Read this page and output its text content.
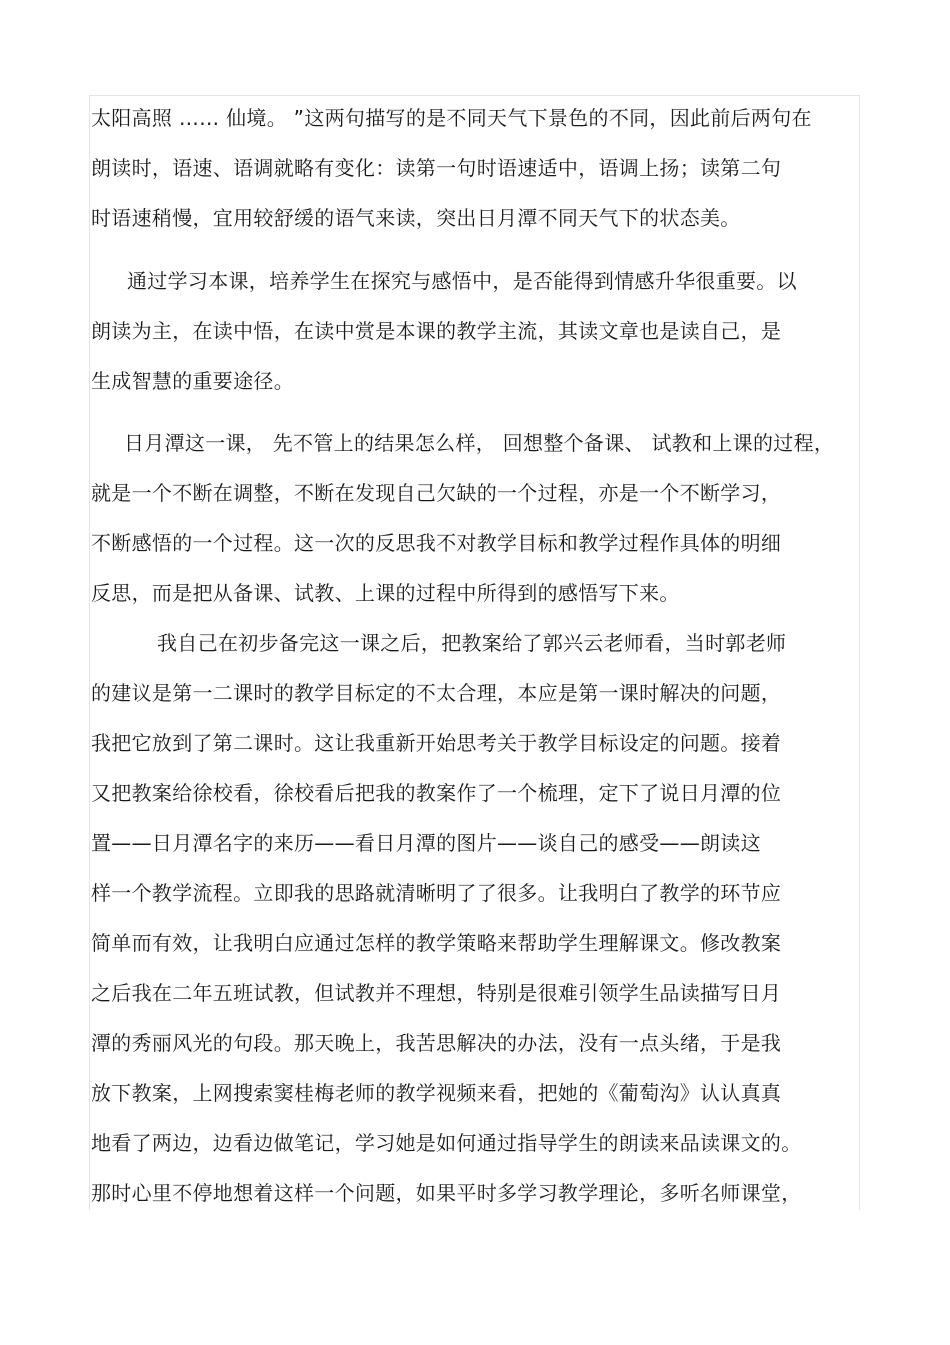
太阳高照 …… 仙境。 ”这两句描写的是不同天气下景色的不同，因此前后两句在
朗读时，语速、语调就略有变化：读第一句时语速适中，语调上扬；读第二句
时语速稍慢，宜用较舒缓的语气来读，突出日月潭不同天气下的状态美。
通过学习本课，培养学生在探究与感悟中，是否能得到情感升华很重要。以
朗读为主，在读中悟，在读中赏是本课的教学主流，其读文章也是读自己，是
生成智慧的重要途径。
日月潭这一课， 先不管上的结果怎么样， 回想整个备课、 试教和上课的过程，
就是一个不断在调整，不断在发现自己欠缺的一个过程，亦是一个不断学习，
不断感悟的一个过程。这一次的反思我不对教学目标和教学过程作具体的明细
反思，而是把从备课、试教、上课的过程中所得到的感悟写下来。
我自己在初步备完这一课之后，把教案给了郭兴云老师看，当时郭老师
的建议是第一二课时的教学目标定的不太合理，本应是第一课时解决的问题，
我把它放到了第二课时。这让我重新开始思考关于教学目标设定的问题。接着
又把教案给徐校看，徐校看后把我的教案作了一个梳理，定下了说日月潭的位
置——日月潭名字的来历——看日月潭的图片——谈自己的感受——朗读这
样一个教学流程。立即我的思路就清晰明了了很多。让我明白了教学的环节应
简单而有效，让我明白应通过怎样的教学策略来帮助学生理解课文。修改教案
之后我在二年五班试教，但试教并不理想，特别是很难引领学生品读描写日月
潭的秀丽风光的句段。那天晚上，我苦思解决的办法，没有一点头绪，于是我
放下教案，上网搜索窦桂梅老师的教学视频来看，把她的《葡萄沟》认认真真
地看了两边，边看边做笔记，学习她是如何通过指导学生的朗读来品读课文的。
那时心里不停地想着这样一个问题，如果平时多学习教学理论，多听名师课堂，
